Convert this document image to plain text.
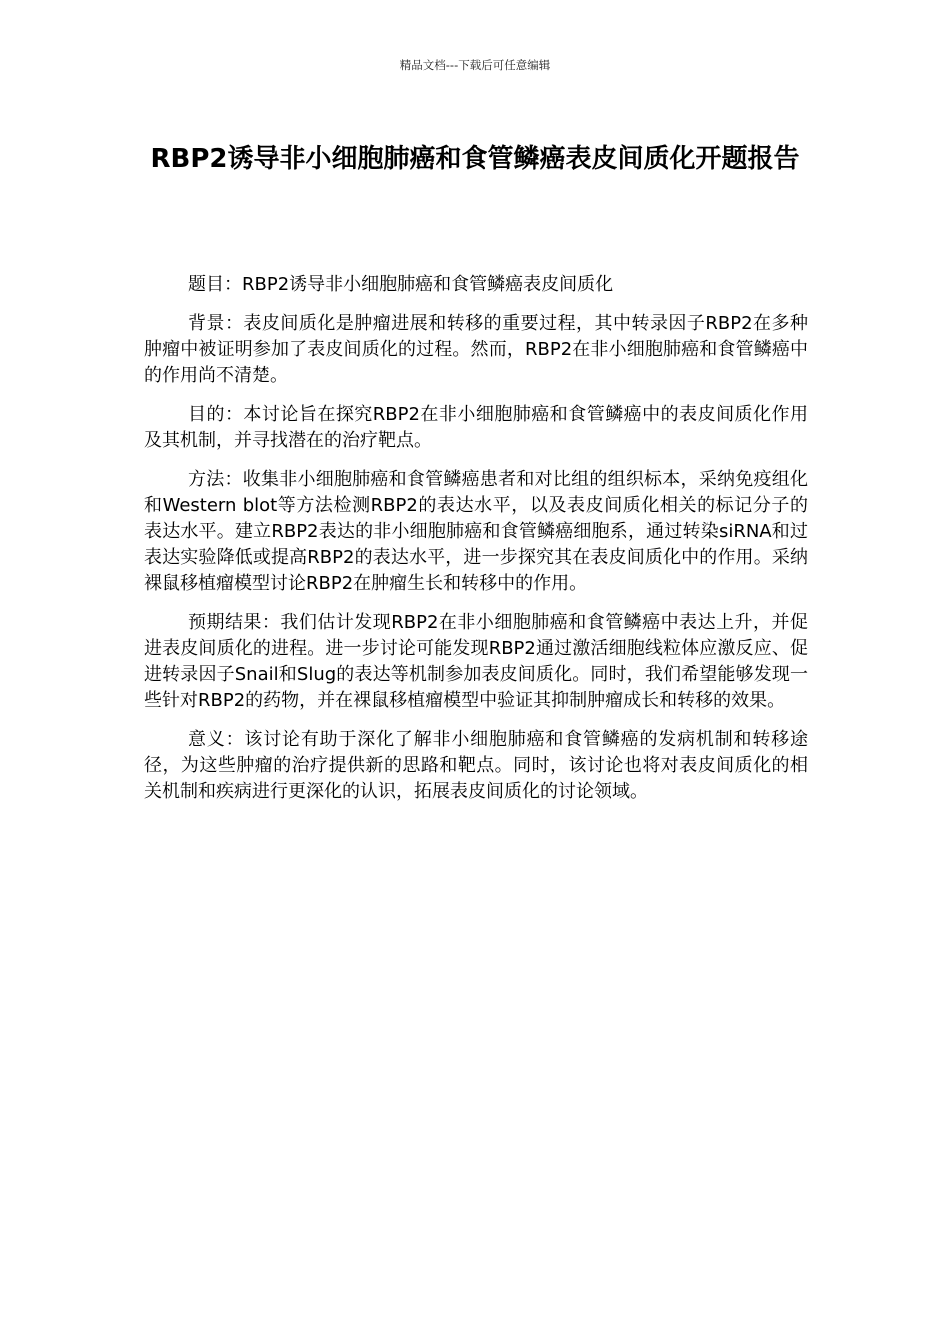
精品文档---下载后可任意编辑
RBP2诱导非小细胞肺癌和食管鳞癌表皮间质化开题报告

题目：RBP2诱导非小细胞肺癌和食管鳞癌表皮间质化

背景：表皮间质化是肿瘤进展和转移的重要过程，其中转录因子RBP2在多种肿瘤中被证明参加了表皮间质化的过程。然而，RBP2在非小细胞肺癌和食管鳞癌中的作用尚不清楚。

目的：本讨论旨在探究RBP2在非小细胞肺癌和食管鳞癌中的表皮间质化作用及其机制，并寻找潜在的治疗靶点。

方法：收集非小细胞肺癌和食管鳞癌患者和对比组的组织标本，采纳免疫组化和Western blot等方法检测RBP2的表达水平，以及表皮间质化相关的标记分子的表达水平。建立RBP2表达的非小细胞肺癌和食管鳞癌细胞系，通过转染siRNA和过表达实验降低或提高RBP2的表达水平，进一步探究其在表皮间质化中的作用。采纳裸鼠移植瘤模型讨论RBP2在肿瘤生长和转移中的作用。

预期结果：我们估计发现RBP2在非小细胞肺癌和食管鳞癌中表达上升，并促进表皮间质化的进程。进一步讨论可能发现RBP2通过激活细胞线粒体应激反应、促进转录因子Snail和Slug的表达等机制参加表皮间质化。同时，我们希望能够发现一些针对RBP2的药物，并在裸鼠移植瘤模型中验证其抑制肿瘤成长和转移的效果。

意义：该讨论有助于深化了解非小细胞肺癌和食管鳞癌的发病机制和转移途径，为这些肿瘤的治疗提供新的思路和靶点。同时，该讨论也将对表皮间质化的相关机制和疾病进行更深化的认识，拓展表皮间质化的讨论领域。
